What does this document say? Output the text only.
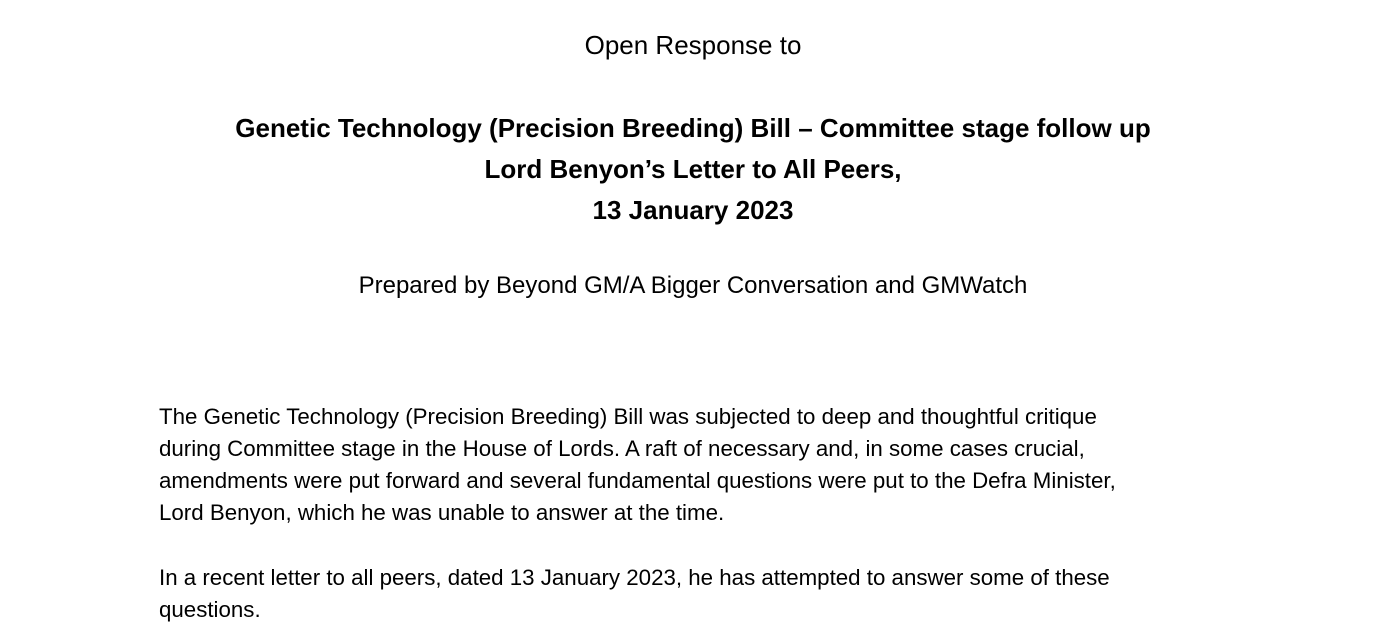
Open Response to
Genetic Technology (Precision Breeding) Bill – Committee stage follow up
Lord Benyon’s Letter to All Peers,
13 January 2023
Prepared by Beyond GM/A Bigger Conversation and GMWatch
The Genetic Technology (Precision Breeding) Bill was subjected to deep and thoughtful critique
during Committee stage in the House of Lords. A raft of necessary and, in some cases crucial,
amendments were put forward and several fundamental questions were put to the Defra Minister,
Lord Benyon, which he was unable to answer at the time.
In a recent letter to all peers, dated 13 January 2023, he has attempted to answer some of these
questions.
